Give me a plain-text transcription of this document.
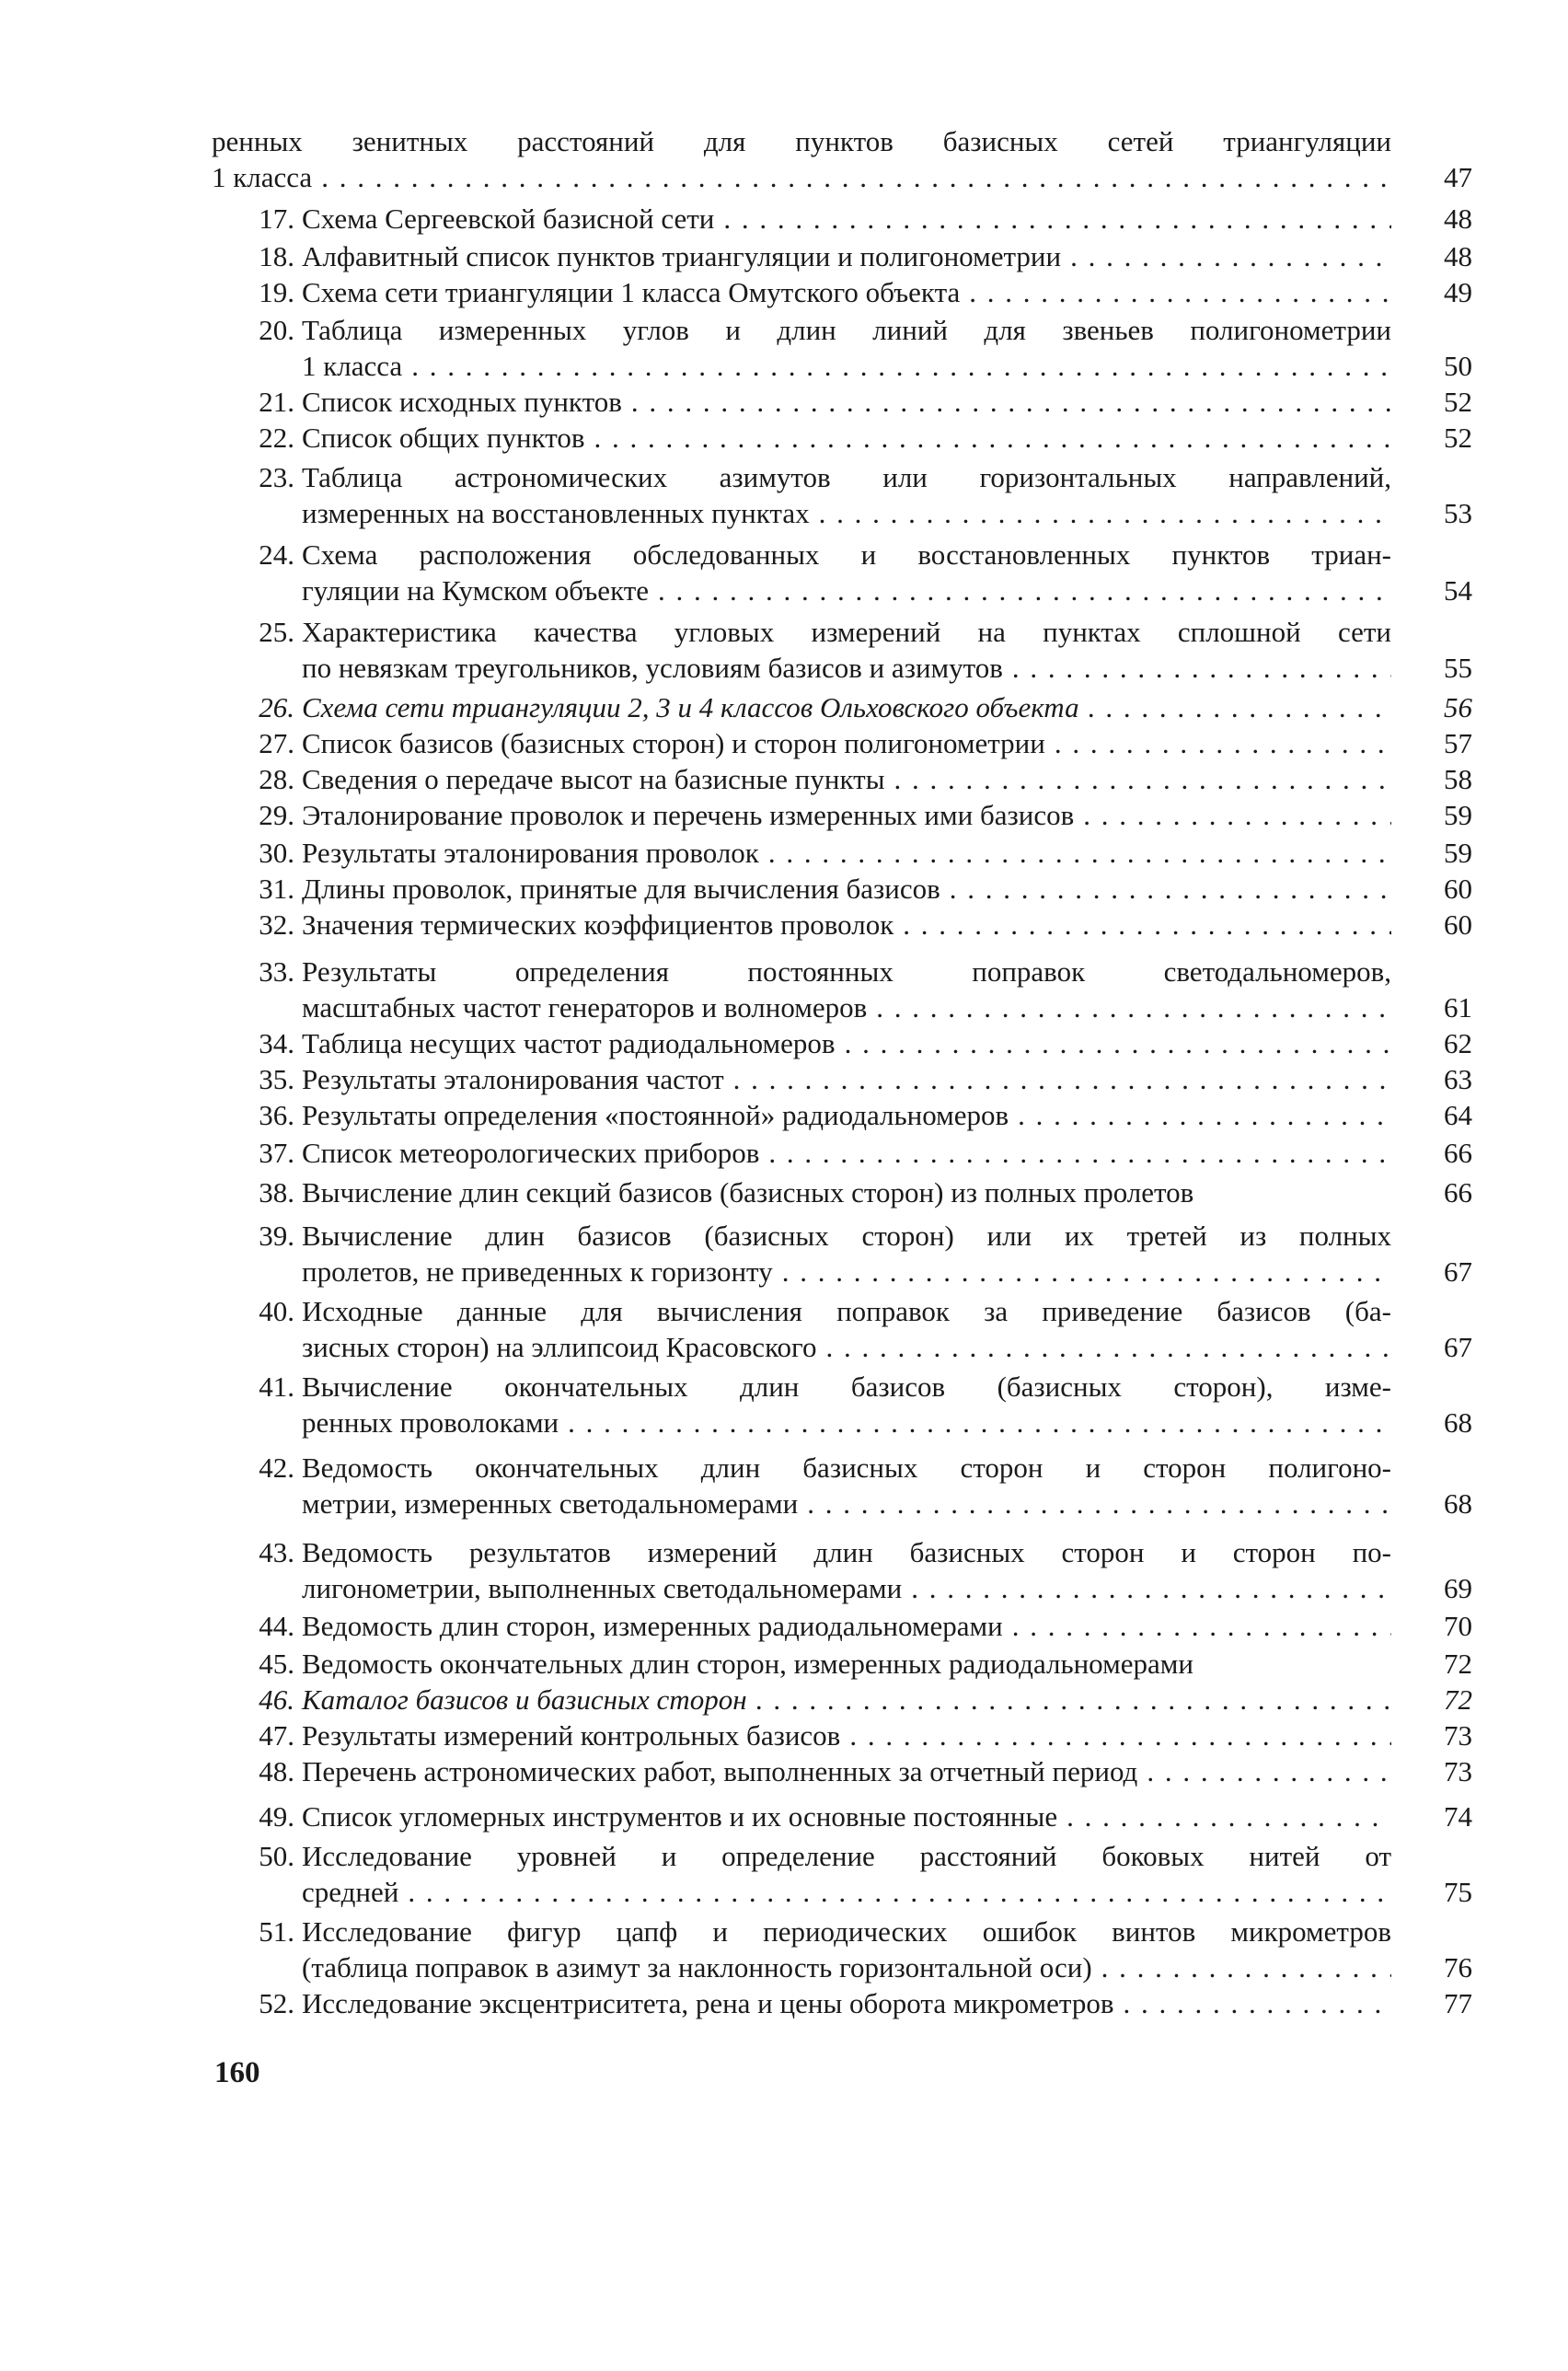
ренных зенитных расстояний для пунктов базисных сетей триангуляции
1 класса . . .	47
17. Схема Сергеевской базисной сети . . .	48
18. Алфавитный список пунктов триангуляции и полигонометрии . . .	48
19. Схема сети триангуляции 1 класса Омутского объекта . . .	49
20. Таблица измеренных углов и длин линий для звеньев полигонометрии
1 класса . . .	50
21. Список исходных пунктов . . .	52
22. Список общих пунктов . . .	52
23. Таблица астрономических азимутов или горизонтальных направлений,
измеренных на восстановленных пунктах . . .	53
24. Схема расположения обследованных и восстановленных пунктов триан-
гуляции на Кумском объекте . . .	54
25. Характеристика качества угловых измерений на пунктах сплошной сети
по невязкам треугольников, условиям базисов и азимутов . . .	55
26. Схема сети триангуляции 2, 3 и 4 классов Ольховского объекта . . .	56
27. Список базисов (базисных сторон) и сторон полигонометрии . . .	57
28. Сведения о передаче высот на базисные пункты . . .	58
29. Эталонирование проволок и перечень измеренных ими базисов . . .	59
30. Результаты эталонирования проволок . . .	59
31. Длины проволок, принятые для вычисления базисов . . .	60
32. Значения термических коэффициентов проволок . . .	60
33. Результаты определения постоянных поправок светодальномеров,
масштабных частот генераторов и волномеров . . .	61
34. Таблица несущих частот радиодальномеров . . .	62
35. Результаты эталонирования частот . . .	63
36. Результаты определения «постоянной» радиодальномеров . . .	64
37. Список метеорологических приборов . . .	66
38. Вычисление длин секций базисов (базисных сторон) из полных пролетов	66
39. Вычисление длин базисов (базисных сторон) или их третей из полных
пролетов, не приведенных к горизонту . . .	67
40. Исходные данные для вычисления поправок за приведение базисов (ба-
зисных сторон) на эллипсоид Красовского . . .	67
41. Вычисление окончательных длин базисов (базисных сторон), изме-
ренных проволоками . . .	68
42. Ведомость окончательных длин базисных сторон и сторон полигоно-
метрии, измеренных светодальномерами . . .	68
43. Ведомость результатов измерений длин базисных сторон и сторон по-
лигонометрии, выполненных светодальномерами . . .	69
44. Ведомость длин сторон, измеренных радиодальномерами . . .	70
45. Ведомость окончательных длин сторон, измеренных радиодальномерами	72
46. Каталог базисов и базисных сторон . . .	72
47. Результаты измерений контрольных базисов . . .	73
48. Перечень астрономических работ, выполненных за отчетный период . . .	73
49. Список угломерных инструментов и их основные постоянные . . .	74
50. Исследование уровней и определение расстояний боковых нитей от
средней . . .	75
51. Исследование фигур цапф и периодических ошибок винтов микрометров
(таблица поправок в азимут за наклонность горизонтальной оси) . . .	76
52. Исследование эксцентриситета, рена и цены оборота микрометров . . .	77
160
